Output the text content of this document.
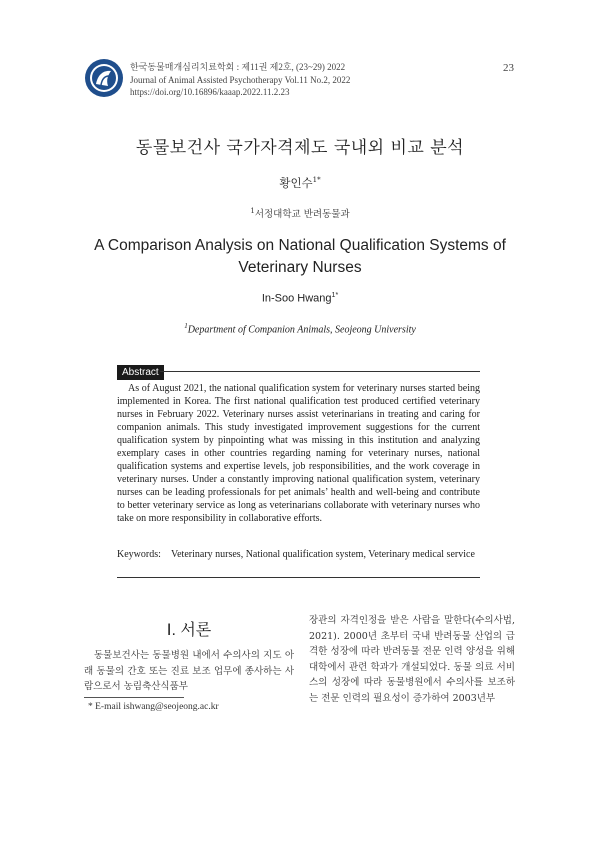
한국동물매개심리치료학회 : 제11권 제2호, (23~29) 2022
Journal of Animal Assisted Psychotherapy Vol.11 No.2, 2022
https://doi.org/10.16896/kaaap.2022.11.2.23
23
동물보건사 국가자격제도 국내외 비교 분석
황인수$^{1*}$
$^1$서정대학교 반려동물과
A Comparison Analysis on National Qualification Systems of Veterinary Nurses
In-Soo Hwang$^{1*}$
$^1$Department of Companion Animals, Seojeong University
Abstract
As of August 2021, the national qualification system for veterinary nurses started being implemented in Korea. The first national qualification test produced certified veterinary nurses in February 2022. Veterinary nurses assist veterinarians in treating and caring for companion animals. This study investigated improvement suggestions for the current qualification system by pinpointing what was missing in this institution and analyzing exemplary cases in other countries regarding naming for veterinary nurses, national qualification systems and expertise levels, job responsibilities, and the work coverage in veterinary nurses. Under a constantly improving national qualification system, veterinary nurses can be leading professionals for pet animals’ health and well-being and contribute to better veterinary service as long as veterinarians collaborate with veterinary nurses who take on more responsibility in collaborative efforts.
Keywords: Veterinary nurses, National qualification system, Veterinary medical service
Ⅰ. 서론
동물보건사는 동물병원 내에서 수의사의 지도 아래 동물의 간호 또는 진료 보조 업무에 종사하는 사람으로서 농림축산식품부
* E-mail ishwang@seojeong.ac.kr
장관의 자격인정을 받은 사람을 말한다(수의사법, 2021). 2000년 초부터 국내 반려동물 산업의 급격한 성장에 따라 반려동물 전문 인력 양성을 위해 대학에서 관련 학과가 개설되었다. 동물 의료 서비스의 성장에 따라 동물병원에서 수의사를 보조하는 전문 인력의 필요성이 증가하여 2003년부
